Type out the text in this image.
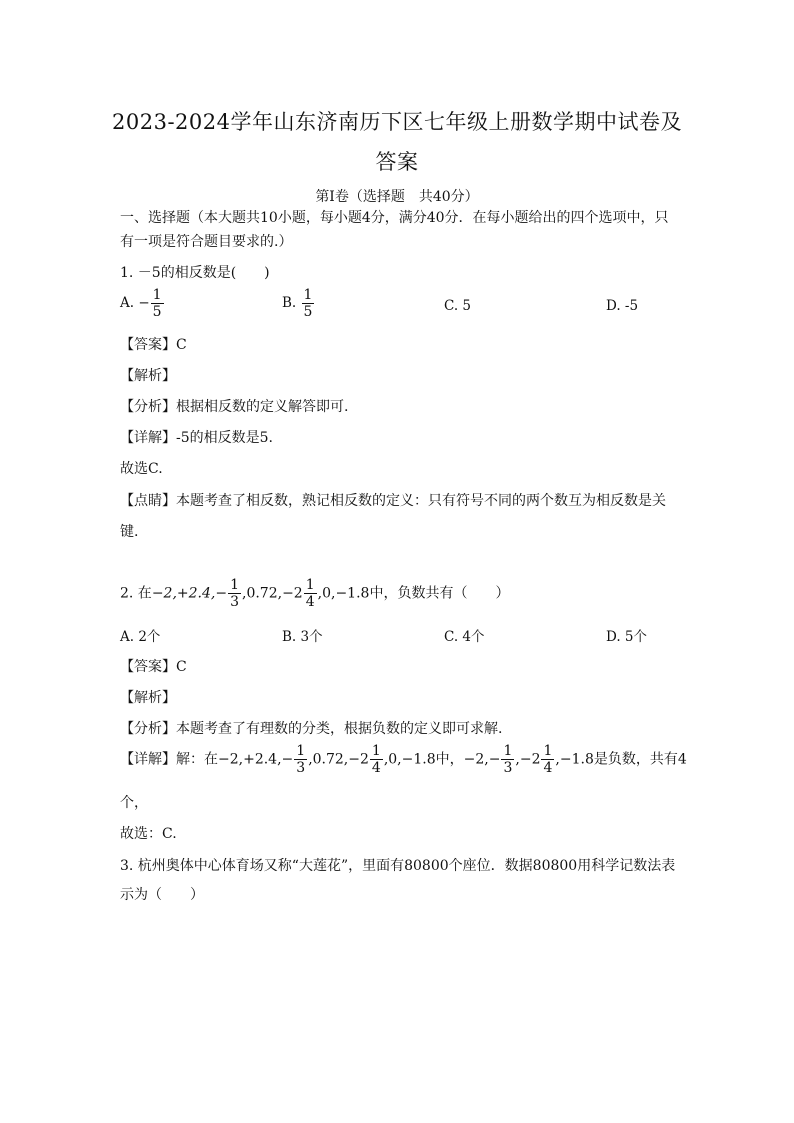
2023-2024学年山东济南历下区七年级上册数学期中试卷及
答案
第Ⅰ卷（选择题　共40分）
一、选择题（本大题共10小题，每小题4分，满分40分．在每小题给出的四个选项中，只有一项是符合题目要求的.）
1. －5的相反数是(　　)
A. − $\frac{1}{5}$	B. $\frac{1}{5}$	C. 5	D. -5
【答案】C
【解析】
【分析】根据相反数的定义解答即可.
【详解】-5的相反数是5.
故选C.
【点睛】本题考查了相反数，熟记相反数的定义：只有符号不同的两个数互为相反数是关
键.
2. 在$-2,+2.4,- \frac{1}{3} ,0.72,-2 \frac{1}{4} ,0,-1.8$中，负数共有（　　）
A. 2个	B. 3个	C. 4个	D. 5个
【答案】C
【解析】
【分析】本题考查了有理数的分类，根据负数的定义即可求解.
【详解】解：在$-2,+2.4,- \frac{1}{3} ,0.72,-2 \frac{1}{4} ,0,-1.8$中，$-2,- \frac{1}{3} ,-2 \frac{1}{4} ,-1.8$是负数，共有4
个，
故选：C.
3. 杭州奥体中心体育场又称“大莲花”，里面有80800个座位．数据80800用科学记数法表
示为（　　）
